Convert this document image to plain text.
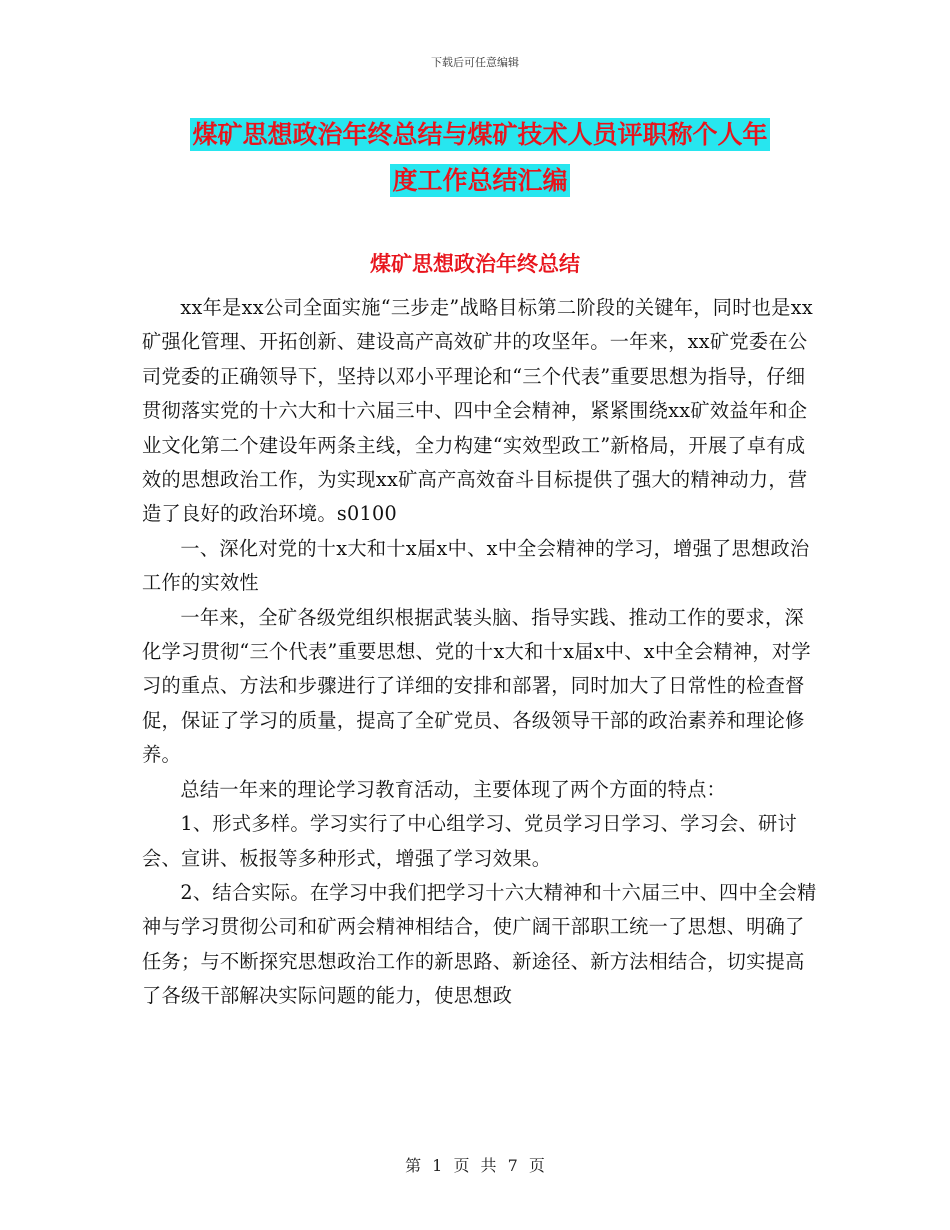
下载后可任意编辑
煤矿思想政治年终总结与煤矿技术人员评职称个人年
度工作总结汇编
煤矿思想政治年终总结

xx年是xx公司全面实施“三步走”战略目标第二阶段的关键年，同时也是xx矿强化管理、开拓创新、建设高产高效矿井的攻坚年。一年来，xx矿党委在公司党委的正确领导下，坚持以邓小平理论和“三个代表”重要思想为指导，仔细贯彻落实党的十六大和十六届三中、四中全会精神，紧紧围绕xx矿效益年和企业文化第二个建设年两条主线，全力构建“实效型政工”新格局，开展了卓有成效的思想政治工作，为实现xx矿高产高效奋斗目标提供了强大的精神动力，营造了良好的政治环境。s0100

一、深化对党的十x大和十x届x中、x中全会精神的学习，增强了思想政治工作的实效性

一年来，全矿各级党组织根据武装头脑、指导实践、推动工作的要求，深化学习贯彻“三个代表”重要思想、党的十x大和十x届x中、x中全会精神，对学习的重点、方法和步骤进行了详细的安排和部署，同时加大了日常性的检查督促，保证了学习的质量，提高了全矿党员、各级领导干部的政治素养和理论修养。

总结一年来的理论学习教育活动，主要体现了两个方面的特点：

1、形式多样。学习实行了中心组学习、党员学习日学习、学习会、研讨会、宣讲、板报等多种形式，增强了学习效果。

2、结合实际。在学习中我们把学习十六大精神和十六届三中、四中全会精神与学习贯彻公司和矿两会精神相结合，使广阔干部职工统一了思想、明确了任务；与不断探究思想政治工作的新思路、新途径、新方法相结合，切实提高了各级干部解决实际问题的能力，使思想政

第 1 页 共 7 页
